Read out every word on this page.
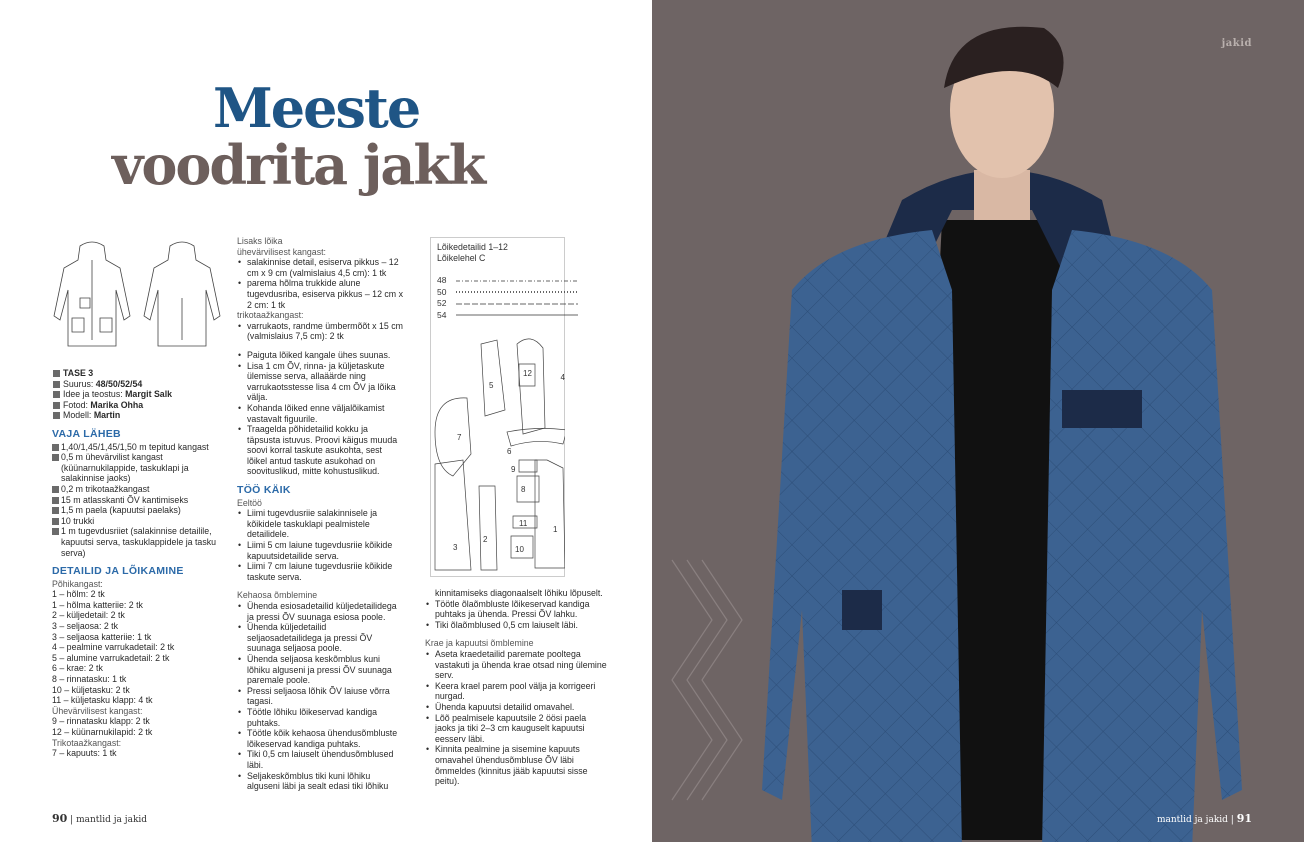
Meeste
voodrita jakk
TASE 3
Suurus: 48/50/52/54
Idee ja teostus: Margit Salk
Fotod: Marika Ohha
Modell: Martin
VAJA LÄHEB
1,40/1,45/1,45/1,50 m tepitud kangast
0,5 m ühevärvilist kangast (küünarnukilappide, taskuklapi ja salakinnise jaoks)
0,2 m trikotaažkangast
15 m atlasskanti ÕV kantimiseks
1,5 m paela (kapuutsi paelaks)
10 trukki
1 m tugevdusriiet (salakinnise detailile, kapuutsi serva, taskuklappidele ja tasku serva)
DETAILID JA LÕIKAMINE

Põhikangast:

1 – hõlm: 2 tk

1 – hõlma katteriie: 2 tk

2 – küljedetail: 2 tk

3 – seljaosa: 2 tk

3 – seljaosa katteriie: 1 tk

4 – pealmine varrukadetail: 2 tk

5 – alumine varrukadetail: 2 tk

6 – krae: 2 tk

8 – rinnatasku: 1 tk

10 – küljetasku: 2 tk

11 – küljetasku klapp: 4 tk

Ühevärvilisest kangast:

9 – rinnatasku klapp: 2 tk

12 – küünarnukilapid: 2 tk

Trikotaažkangast:

7 – kapuuts: 1 tk

Lisaks lõika

ühevärvilisest kangast:

• salakinnise detail, esiserva pikkus – 12 cm x 9 cm (valmislaius 4,5 cm): 1 tk
• parema hõlma trukkide alune tugevdusriba, esiserva pikkus – 12 cm x 2 cm: 1 tk

trikotaažkangast:

• varrukaots, randme ümbermõõt x 15 cm (valmislaius 7,5 cm): 2 tk
• Paiguta lõiked kangale ühes suunas.
• Lisa 1 cm ÕV, rinna- ja küljetaskute ülemisse serva, allaäärde ning varrukaotsstesse lisa 4 cm ÕV ja lõika välja.
• Kohanda lõiked enne väljalõikamist vastavalt figuurile.
• Traagelda põhidetailid kokku ja täpsusta istuvus. Proovi käigus muuda soovi korral taskute asukohta, sest lõikel antud taskute asukohad on soovituslikud, mitte kohustuslikud.
TÖÖ KÄIK

Eeltöö

• Liimi tugevdusriie salakinnisele ja kõikidele taskuklapi pealmistele detailidele.
• Liimi 5 cm laiune tugevdusriie kõikide kapuutsidetailide serva.
• Liimi 7 cm laiune tugevdusriie kõikide taskute serva.

Kehaosa õmblemine

• Ühenda esiosadetailid küljedetailidega ja pressi ÕV suunaga esiosa poole.
• Ühenda küljedetailid seljaosadetailidega ja pressi ÕV suunaga seljaosa poole.
• Ühenda seljaosa keskõmblus kuni lõhiku alguseni ja pressi ÕV suunaga paremale poole.
• Pressi seljaosa lõhik ÕV laiuse võrra tagasi.
• Töötle lõhiku lõikeservad kandiga puhtaks.
• Töötle kõik kehaosa ühendusõmbluste lõikeservad kandiga puhtaks.
• Tiki 0,5 cm laiuselt ühendusõmblused läbi.
• Seljakeskõmblus tiki kuni lõhiku alguseni läbi ja sealt edasi tiki lõhiku

Lõikedetailid 1–12

Lõikelehel C

48

50

52

54

5
12	4
7
6
9
8
1
3
2
11
10

kinnitamiseks diagonaalselt lõhiku lõpuselt.

• Töötle õlaõmbluste lõikeservad kandiga puhtaks ja ühenda. Pressi ÕV lahku.
• Tiki õlaõmblused 0,5 cm laiuselt läbi.

Krae ja kapuutsi õmblemine

• Aseta kraedetailid paremate pooltega vastakuti ja ühenda krae otsad ning ülemine serv.
• Keera krael parem pool välja ja korrigeeri nurgad.
• Ühenda kapuutsi detailid omavahel.
• Lõõ pealmisele kapuutsile 2 öösi paela jaoks ja tiki 2–3 cm kauguselt kapuutsi eesserv läbi.
• Kinnita pealmine ja sisemine kapuuts omavahel ühendusõmbluse ÕV läbi õmmeldes (kinnitus jääb kapuutsi sisse peitu).
90 | mantlid ja jakid
jakid
mantlid ja jakid | 91
